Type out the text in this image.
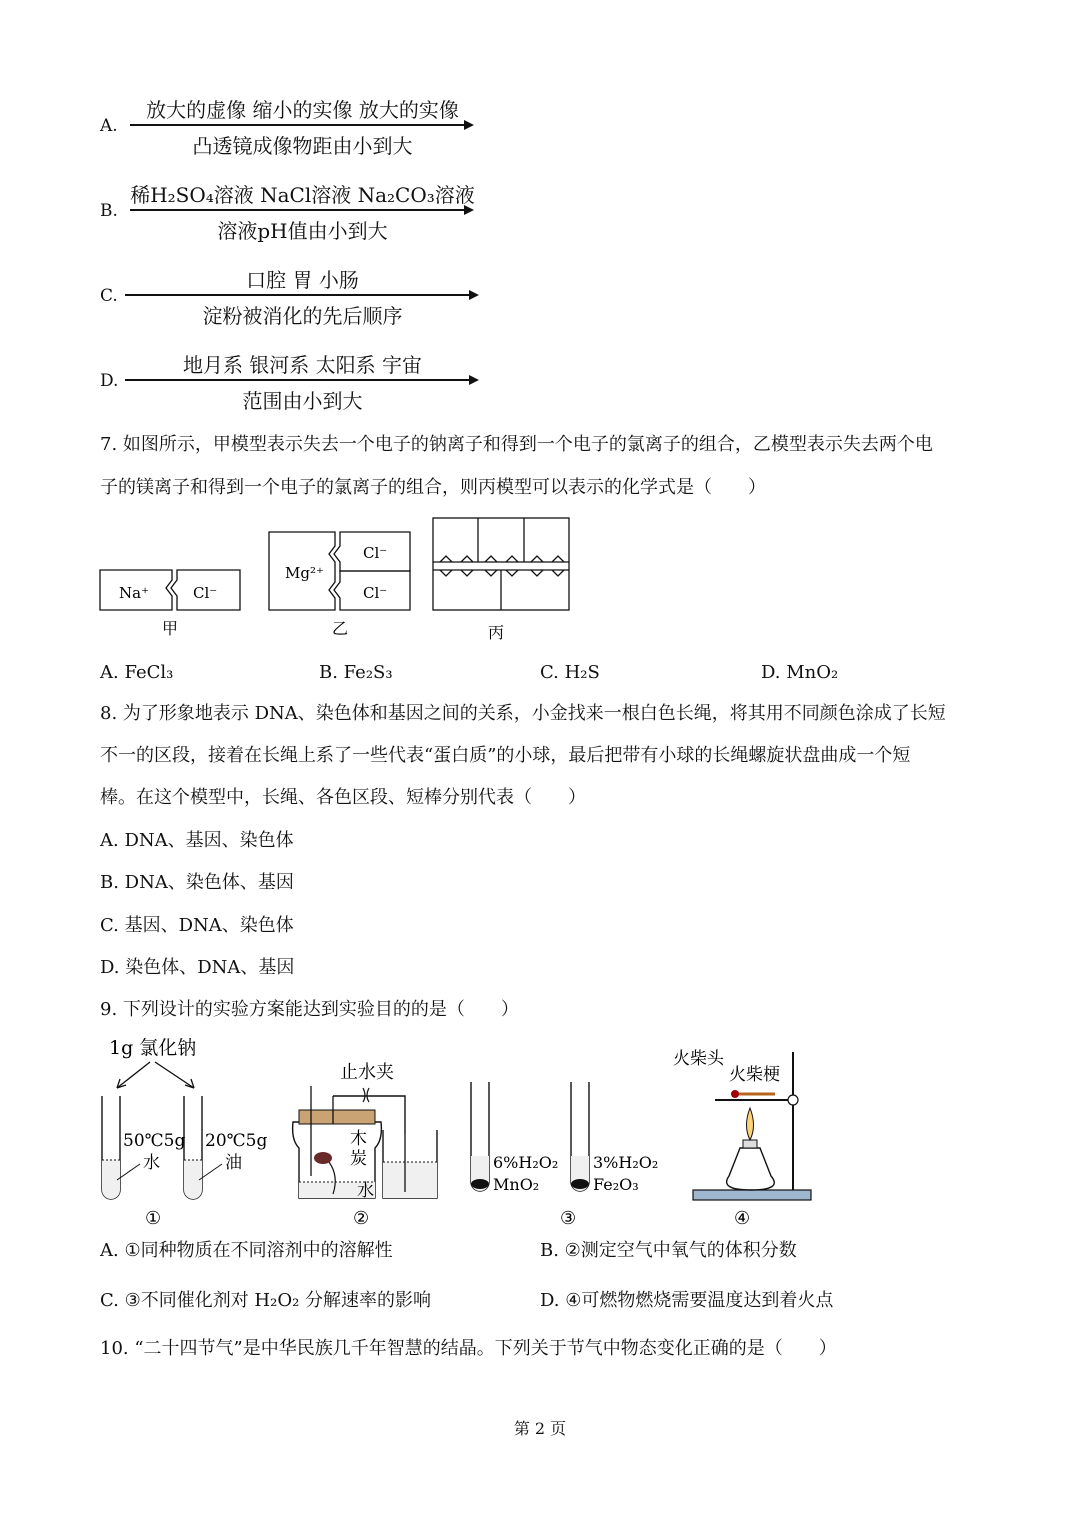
A.
放大的虚像 缩小的实像 放大的实像
凸透镜成像物距由小到大
B.
稀H₂SO₄溶液 NaCl溶液 Na₂CO₃溶液
溶液pH值由小到大
C.
口腔 胃 小肠
淀粉被消化的先后顺序
D.
地月系 银河系 太阳系 宇宙
范围由小到大
7. 如图所示，甲模型表示失去一个电子的钠离子和得到一个电子的氯离子的组合，乙模型表示失去两个电
子的镁离子和得到一个电子的氯离子的组合，则丙模型可以表示的化学式是（　　）
Na⁺	Cl⁻
甲
Mg²⁺
Cl⁻
Cl⁻
乙	丙
A. FeCl₃	B. Fe₂S₃	C. H₂S	D. MnO₂
8. 为了形象地表示 DNA、染色体和基因之间的关系，小金找来一根白色长绳，将其用不同颜色涂成了长短
不一的区段，接着在长绳上系了一些代表“蛋白质”的小球，最后把带有小球的长绳螺旋状盘曲成一个短
棒。在这个模型中，长绳、各色区段、短棒分别代表（　　）
A. DNA、基因、染色体
B. DNA、染色体、基因
C. 基因、DNA、染色体
D. 染色体、DNA、基因
9. 下列设计的实验方案能达到实验目的的是（　　）
1g 氯化钠
50℃5g
水
20℃5g
油
①
止水夹
木
炭
水
②
6%H₂O₂
MnO₂
3%H₂O₂
Fe₂O₃
③
火柴头
火柴梗
④
A. ①同种物质在不同溶剂中的溶解性	B. ②测定空气中氧气的体积分数
C. ③不同催化剂对 H₂O₂ 分解速率的影响	D. ④可燃物燃烧需要温度达到着火点
10. “二十四节气”是中华民族几千年智慧的结晶。下列关于节气中物态变化正确的是（　　）
第 2 页
